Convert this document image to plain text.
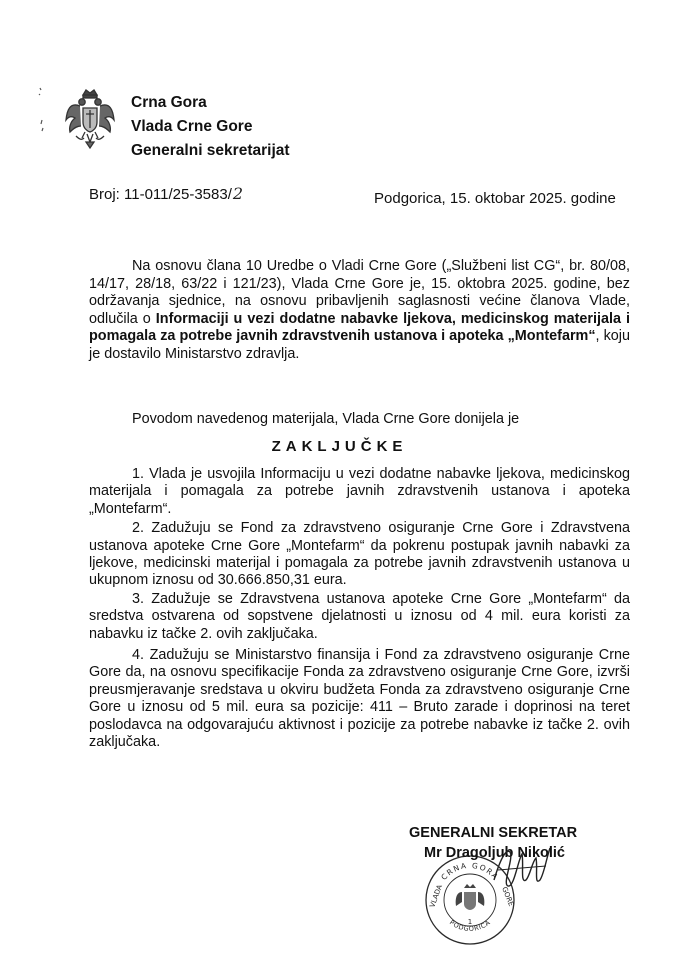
Crna Gora
Vlada Crne Gore
Generalni sekretarijat
Broj: 11-011/25-3583/2	Podgorica, 15. oktobar 2025. godine

Na osnovu člana 10 Uredbe o Vladi Crne Gore („Službeni list CG“, br. 80/08, 14/17, 28/18, 63/22 i 121/23), Vlada Crne Gore je, 15. oktobra 2025. godine, bez održavanja sjednice, na osnovu pribavljenih saglasnosti većine članova Vlade, odlučila o Informaciji u vezi dodatne nabavke ljekova, medicinskog materijala i pomagala za potrebe javnih zdravstvenih ustanova i apoteka „Montefarm“, koju je dostavilo Ministarstvo zdravlja.

Povodom navedenog materijala, Vlada Crne Gore donijela je
ZAKLJUČKE

1. Vlada je usvojila Informaciju u vezi dodatne nabavke ljekova, medicinskog materijala i pomagala za potrebe javnih zdravstvenih ustanova i apoteka „Montefarm“.

2. Zadužuju se Fond za zdravstveno osiguranje Crne Gore i Zdravstvena ustanova apoteke Crne Gore „Montefarm“ da pokrenu postupak javnih nabavki za ljekove, medicinski materijal i pomagala za potrebe javnih zdravstvenih ustanova u ukupnom iznosu od 30.666.850,31 eura.

3. Zadužuje se Zdravstvena ustanova apoteke Crne Gore „Montefarm“ da sredstva ostvarena od sopstvene djelatnosti u iznosu od 4 mil. eura koristi za nabavku iz tačke 2. ovih zaključaka.

4. Zadužuju se Ministarstvo finansija i Fond za zdravstveno osiguranje Crne Gore da, na osnovu specifikacije Fonda za zdravstveno osiguranje Crne Gore, izvrši preusmjeravanje sredstava u okviru budžeta Fonda za zdravstveno osiguranje Crne Gore u iznosu od 5 mil. eura sa pozicije: 411 – Bruto zarade i doprinosi na teret poslodavca na odgovarajuću aktivnost i pozicije za potrebe nabavke iz tačke 2. ovih zaključaka.

CRNA GORA
VLADA	GORE
1
PODGORICA
GENERALNI SEKRETAR
Mr Dragoljub Nikolić
